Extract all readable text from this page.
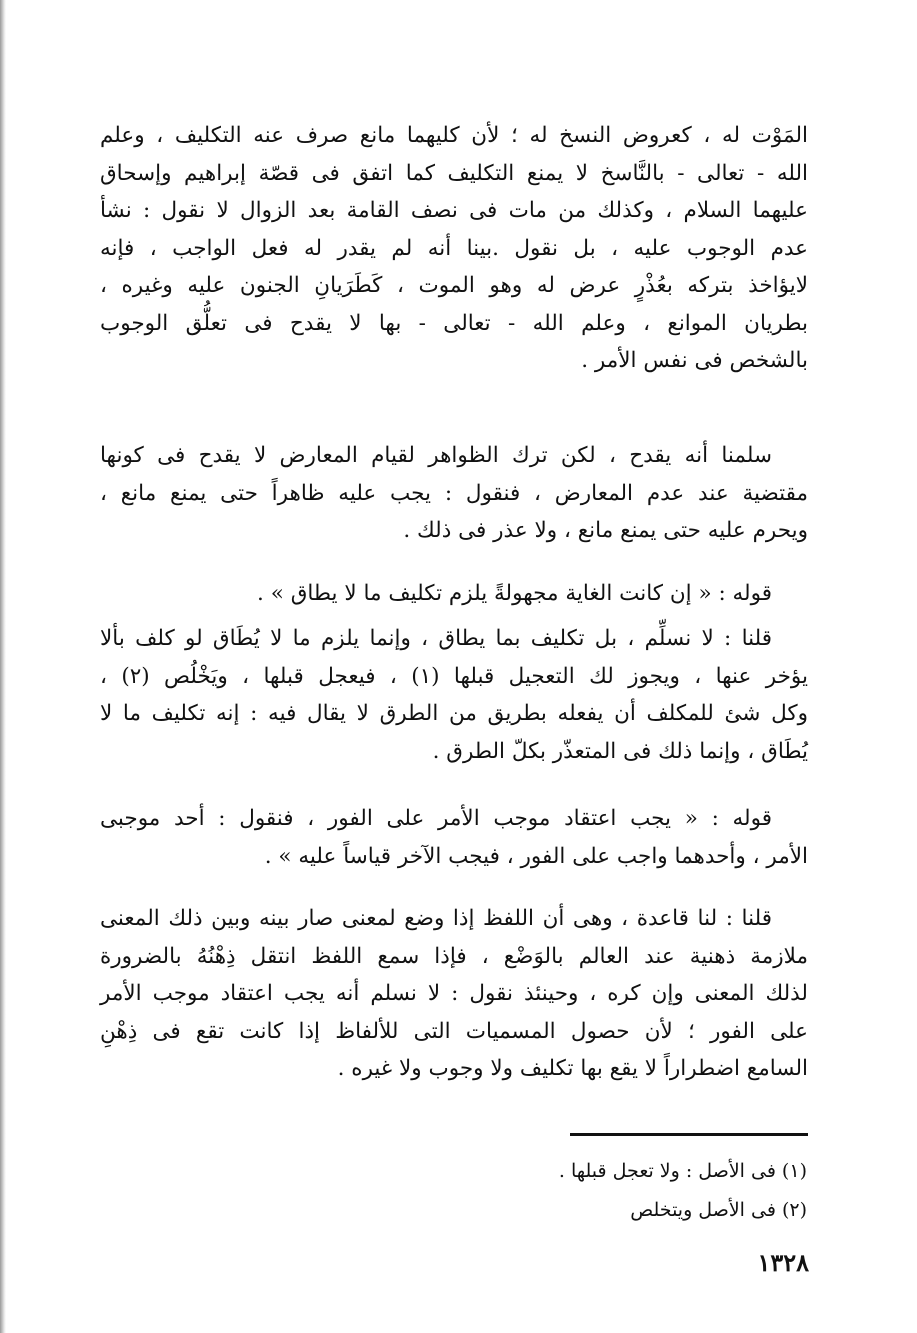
المَوْت له ، كعروض النسخ له ؛ لأن كليهما مانع صرف عنه التكليف ، وعلم
الله - تعالى - بالنَّاسخ لا يمنع التكليف كما اتفق فى قصّة إبراهيم وإسحاق
عليهما السلام ، وكذلك من مات فى نصف القامة بعد الزوال لا نقول : نشأ
عدم الوجوب عليه ، بل نقول .بينا أنه لم يقدر له فعل الواجب ، فإنه
لايؤاخذ بتركه بعُذْرٍ عرض له وهو الموت ، كَطَرَيانِ الجنون عليه وغيره ،
بطريان الموانع ، وعلم الله - تعالى - بها لا يقدح فى تعلُّق الوجوب
بالشخص فى نفس الأمر .
سلمنا أنه يقدح ، لكن ترك الظواهر لقيام المعارض لا يقدح فى كونها
مقتضية عند عدم المعارض ، فنقول : يجب عليه ظاهراً حتى يمنع مانع ،
ويحرم عليه حتى يمنع مانع ، ولا عذر فى ذلك .
قوله : « إن كانت الغاية مجهولةً يلزم تكليف ما لا يطاق » .
قلنا : لا نسلِّم ، بل تكليف بما يطاق ، وإنما يلزم ما لا يُطَاق لو كلف بألا
يؤخر عنها ، ويجوز لك التعجيل قبلها (١) ، فيعجل قبلها ، ويَخْلُص (٢) ،
وكل شئ للمكلف أن يفعله بطريق من الطرق لا يقال فيه : إنه تكليف ما لا
يُطَاق ، وإنما ذلك فى المتعذّر بكلّ الطرق .
قوله : « يجب اعتقاد موجب الأمر على الفور ، فنقول : أحد موجبى
الأمر ، وأحدهما واجب على الفور ، فيجب الآخر قياساً عليه » .
قلنا : لنا قاعدة ، وهى أن اللفظ إذا وضع لمعنى صار بينه وبين ذلك المعنى
ملازمة ذهنية عند العالم بالوَضْع ، فإذا سمع اللفظ انتقل ذِهْنُهُ بالضرورة
لذلك المعنى وإن كره ، وحينئذ نقول : لا نسلم أنه يجب اعتقاد موجب الأمر
على الفور ؛ لأن حصول المسميات التى للألفاظ إذا كانت تقع فى ذِهْنِ
السامع اضطراراً لا يقع بها تكليف ولا وجوب ولا غيره .
(١) فى الأصل : ولا تعجل قبلها .
(٢) فى الأصل ويتخلص
١٣٢٨
